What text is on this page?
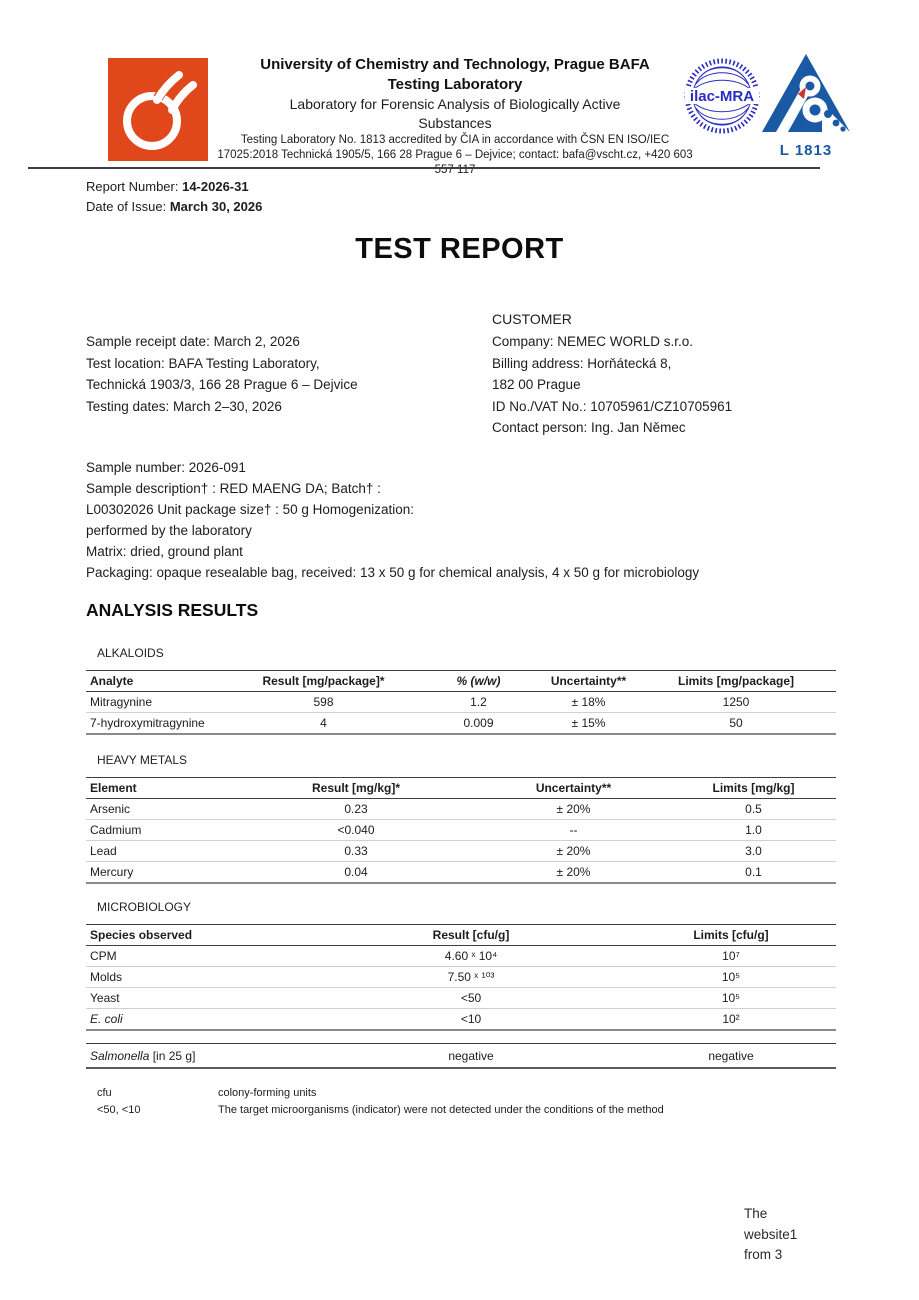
University of Chemistry and Technology, Prague BAFA
Testing Laboratory
Laboratory for Forensic Analysis of Biologically Active
Substances
Testing Laboratory No. 1813 accredited by ČIA in accordance with ČSN EN ISO/IEC
17025:2018 Technická 1905/5, 166 28 Prague 6 – Dejvice; contact: bafa@vscht.cz, +420 603
557 117
ilac-MRA
L 1813
Report Number: 14-2026-31
Date of Issue: March 30, 2026
TEST REPORT
CUSTOMER
Sample receipt date: March 2, 2026
Test location: BAFA Testing Laboratory,
Technická 1903/3, 166 28 Prague 6 – Dejvice
Testing dates: March 2–30, 2026
Company: NEMEC WORLD s.r.o.
Billing address: Horňátecká 8,
182 00 Prague
ID No./VAT No.: 10705961/CZ10705961
Contact person: Ing. Jan Němec
Sample number: 2026-091
Sample description† : RED MAENG DA; Batch† :
L00302026 Unit package size† : 50 g Homogenization:
performed by the laboratory
Matrix: dried, ground plant
Packaging: opaque resealable bag, received: 13 x 50 g for chemical analysis, 4 x 50 g for microbiology
ANALYSIS RESULTS
ALKALOIDS
Analyte	Result [mg/package]*	% (w/w)	Uncertainty**	Limits [mg/package]
Mitragynine	598	1.2	± 18%	1250
7-hydroxymitragynine	4	0.009	± 15%	50
HEAVY METALS
Element	Result [mg/kg]*	Uncertainty**	Limits [mg/kg]
Arsenic	0.23	± 20%	0.5
Cadmium	<0.040	--	1.0
Lead	0.33	± 20%	3.0
Mercury	0.04	± 20%	0.1
MICROBIOLOGY
Species observed	Result [cfu/g]	Limits [cfu/g]
CPM	4.60 ˣ 10⁴	10⁷
Molds	7.50 ˣ ¹⁰³	10⁵
Yeast	<50	10⁵
E. coli	<10	10²
Salmonella [in 25 g]	negative	negative
cfu	colony-forming units
<50, <10	The target microorganisms (indicator) were not detected under the conditions of the method
The
website1
from 3
